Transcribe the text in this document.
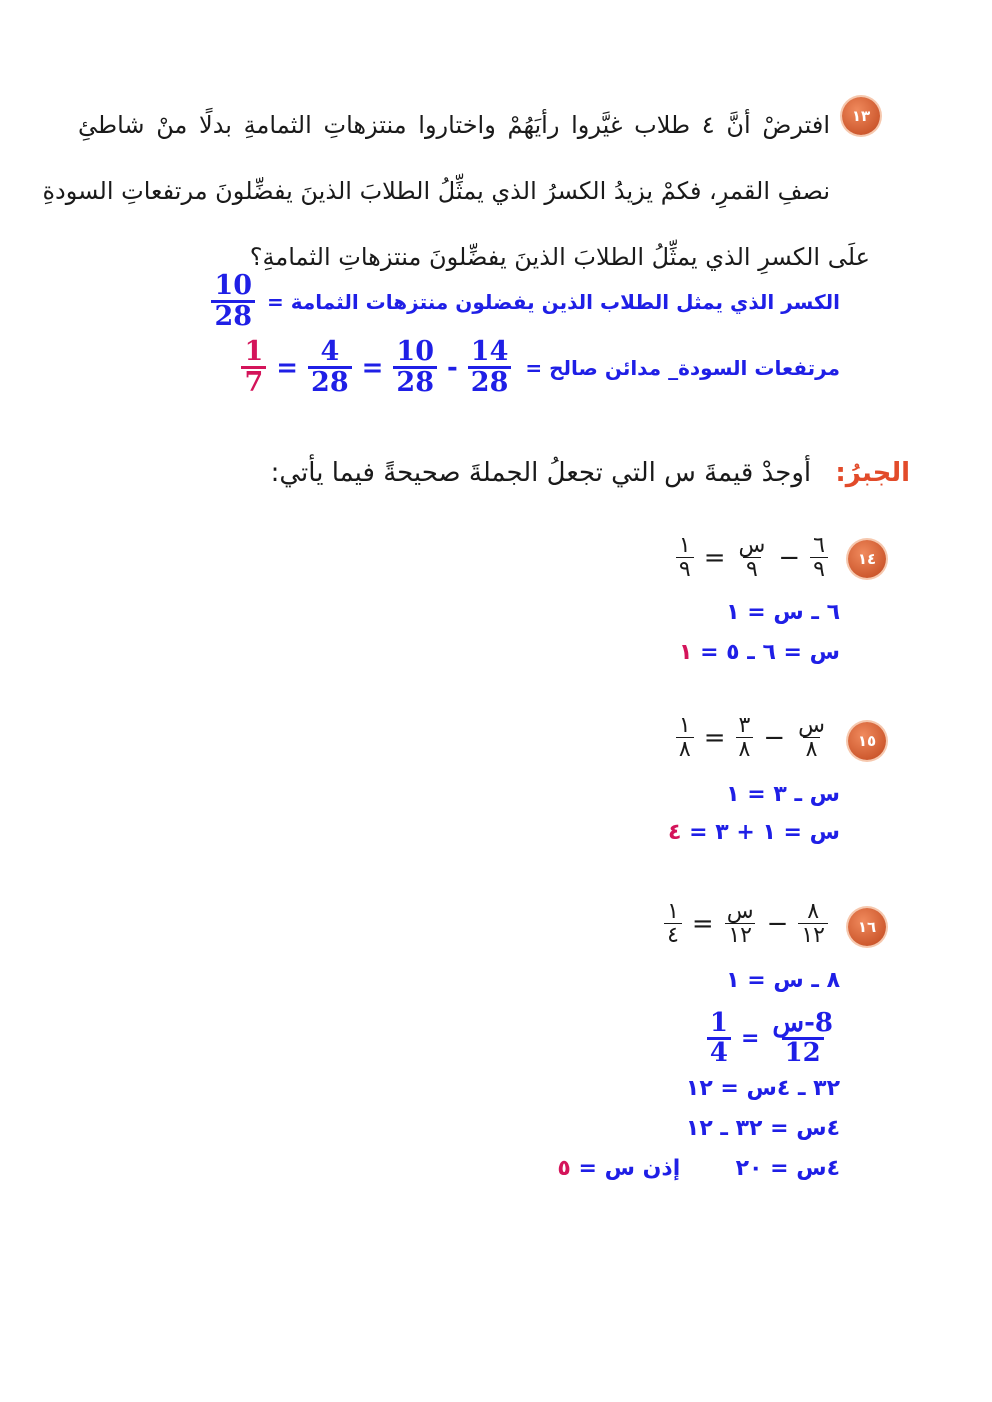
١٣
افترضْ أنَّ ٤ طلاب غيَّروا رأيَهُمْ واختاروا منتزهاتِ الثمامةِ بدلًا منْ شاطئِ
نصفِ القمرِ، فكمْ يزيدُ الكسرُ الذي يمثِّلُ الطلابَ الذينَ يفضِّلونَ مرتفعاتِ السودةِ
علَى الكسرِ الذي يمثِّلُ الطلابَ الذينَ يفضِّلونَ منتزهاتِ الثمامةِ؟
الكسر الذي يمثل الطلاب الذين يفضلون منتزهات الثمامة =
$\frac{10}{28}$
مرتفعات السودة_ مدائن صالح =
$\frac{14}{28}$
-
$\frac{10}{28}$
=
$\frac{4}{28}$
=
$\frac{1}{7}$
الجبرُ: أوجدْ قيمةَ س التي تجعلُ الجملةَ صحيحةً فيما يأتي:
١٤
$\frac{٦}{٩}$
−
$\frac{\text{س}}{٩}$
=
$\frac{١}{٩}$
٦ ـ س = ١
س = ٦ ـ ٥ = ١
١٥
$\frac{\text{س}}{٨}$
−
$\frac{٣}{٨}$
=
$\frac{١}{٨}$
س ـ ٣ = ١
س = ١ + ٣ = ٤
١٦
$\frac{٨}{١٢}$
−
$\frac{\text{س}}{١٢}$
=
$\frac{١}{٤}$
٨ ـ س = ١
$\frac{\text{8-س}}{12}$
=
$\frac{1}{4}$
٣٢ ـ ٤س = ١٢
٤س = ٣٢ ـ ١٢
٤س = ٢٠  إذن س = ٥
